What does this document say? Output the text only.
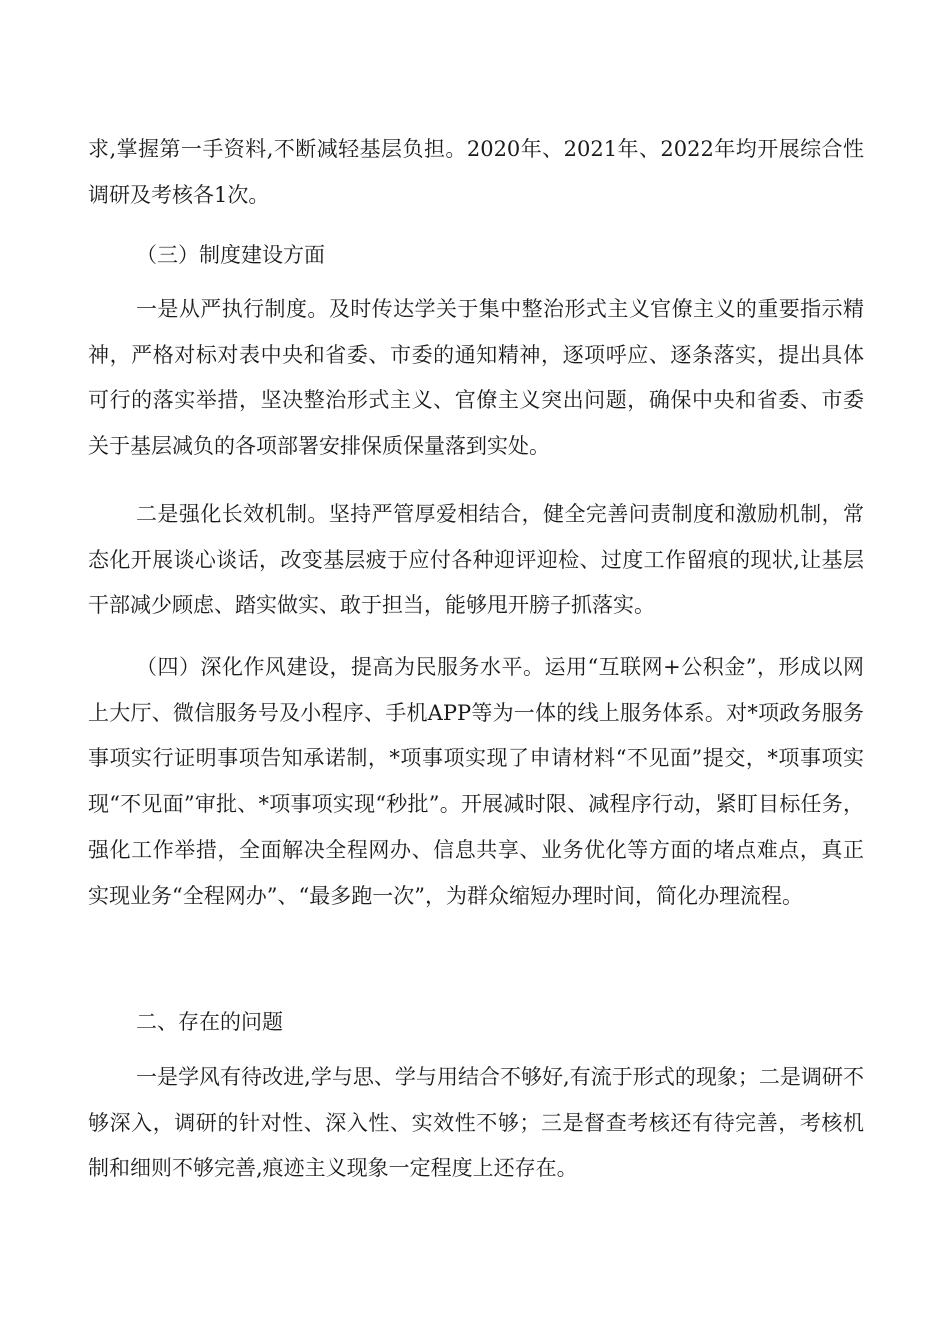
求,掌握第一手资料,不断减轻基层负担。2020年、2021年、2022年均开展综合性调研及考核各1次。

（三）制度建设方面

一是从严执行制度。及时传达学关于集中整治形式主义官僚主义的重要指示精神，严格对标对表中央和省委、市委的通知精神，逐项呼应、逐条落实，提出具体可行的落实举措，坚决整治形式主义、官僚主义突出问题，确保中央和省委、市委关于基层减负的各项部署安排保质保量落到实处。

二是强化长效机制。坚持严管厚爱相结合，健全完善问责制度和激励机制，常态化开展谈心谈话，改变基层疲于应付各种迎评迎检、过度工作留痕的现状,让基层干部减少顾虑、踏实做实、敢于担当，能够甩开膀子抓落实。

（四）深化作风建设，提高为民服务水平。运用“互联网+公积金”，形成以网上大厅、微信服务号及小程序、手机APP等为一体的线上服务体系。对*项政务服务事项实行证明事项告知承诺制，*项事项实现了申请材料“不见面”提交，*项事项实现“不见面”审批、*项事项实现“秒批”。开展减时限、减程序行动，紧盯目标任务，强化工作举措，全面解决全程网办、信息共享、业务优化等方面的堵点难点，真正实现业务“全程网办”、“最多跑一次”，为群众缩短办理时间，简化办理流程。

二、存在的问题

一是学风有待改进,学与思、学与用结合不够好,有流于形式的现象；二是调研不够深入，调研的针对性、深入性、实效性不够；三是督查考核还有待完善，考核机制和细则不够完善,痕迹主义现象一定程度上还存在。
